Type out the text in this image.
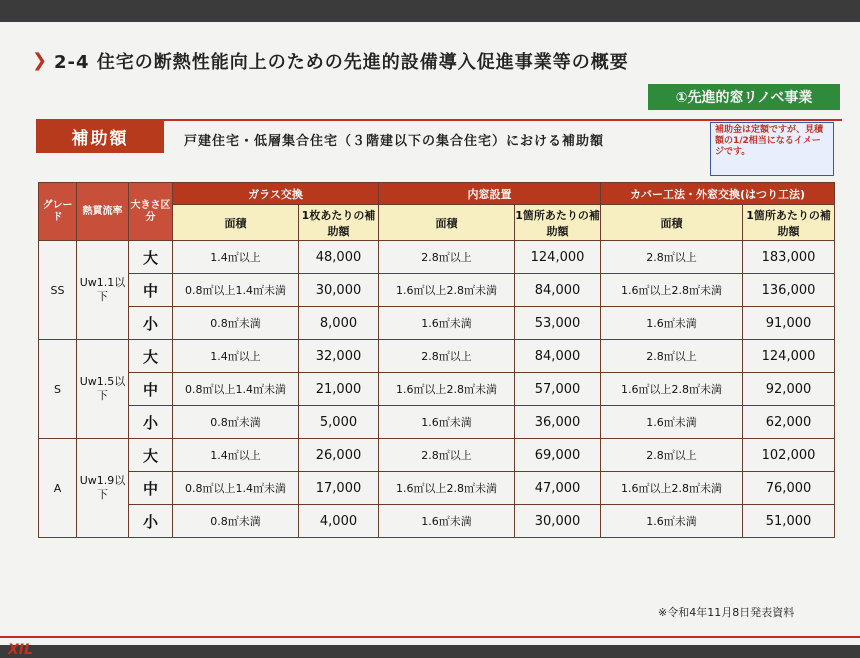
❯ 2-4 住宅の断熱性能向上のための先進的設備導入促進事業等の概要
①先進的窓リノベ事業
補助額	戸建住宅・低層集合住宅（３階建以下の集合住宅）における補助額
補助金は定額ですが、見積額の1/2相当になるイメージです。
グレード	熱貫流率	大きさ区分	ガラス交換		内窓設置		カバー工法・外窓交換(はつり工法)	
			面積	1枚あたりの補助額	面積	1箇所あたりの補助額	面積	1箇所あたりの補助額
SS	Uw1.1以下	大	1.4㎡以上	48,000	2.8㎡以上	124,000	2.8㎡以上	183,000
		中	0.8㎡以上1.4㎡未満	30,000	1.6㎡以上2.8㎡未満	84,000	1.6㎡以上2.8㎡未満	136,000
		小	0.8㎡未満	8,000	1.6㎡未満	53,000	1.6㎡未満	91,000
S	Uw1.5以下	大	1.4㎡以上	32,000	2.8㎡以上	84,000	2.8㎡以上	124,000
		中	0.8㎡以上1.4㎡未満	21,000	1.6㎡以上2.8㎡未満	57,000	1.6㎡以上2.8㎡未満	92,000
		小	0.8㎡未満	5,000	1.6㎡未満	36,000	1.6㎡未満	62,000
A	Uw1.9以下	大	1.4㎡以上	26,000	2.8㎡以上	69,000	2.8㎡以上	102,000
		中	0.8㎡以上1.4㎡未満	17,000	1.6㎡以上2.8㎡未満	47,000	1.6㎡以上2.8㎡未満	76,000
		小	0.8㎡未満	4,000	1.6㎡未満	30,000	1.6㎡未満	51,000
※令和4年11月8日発表資料
XIL
